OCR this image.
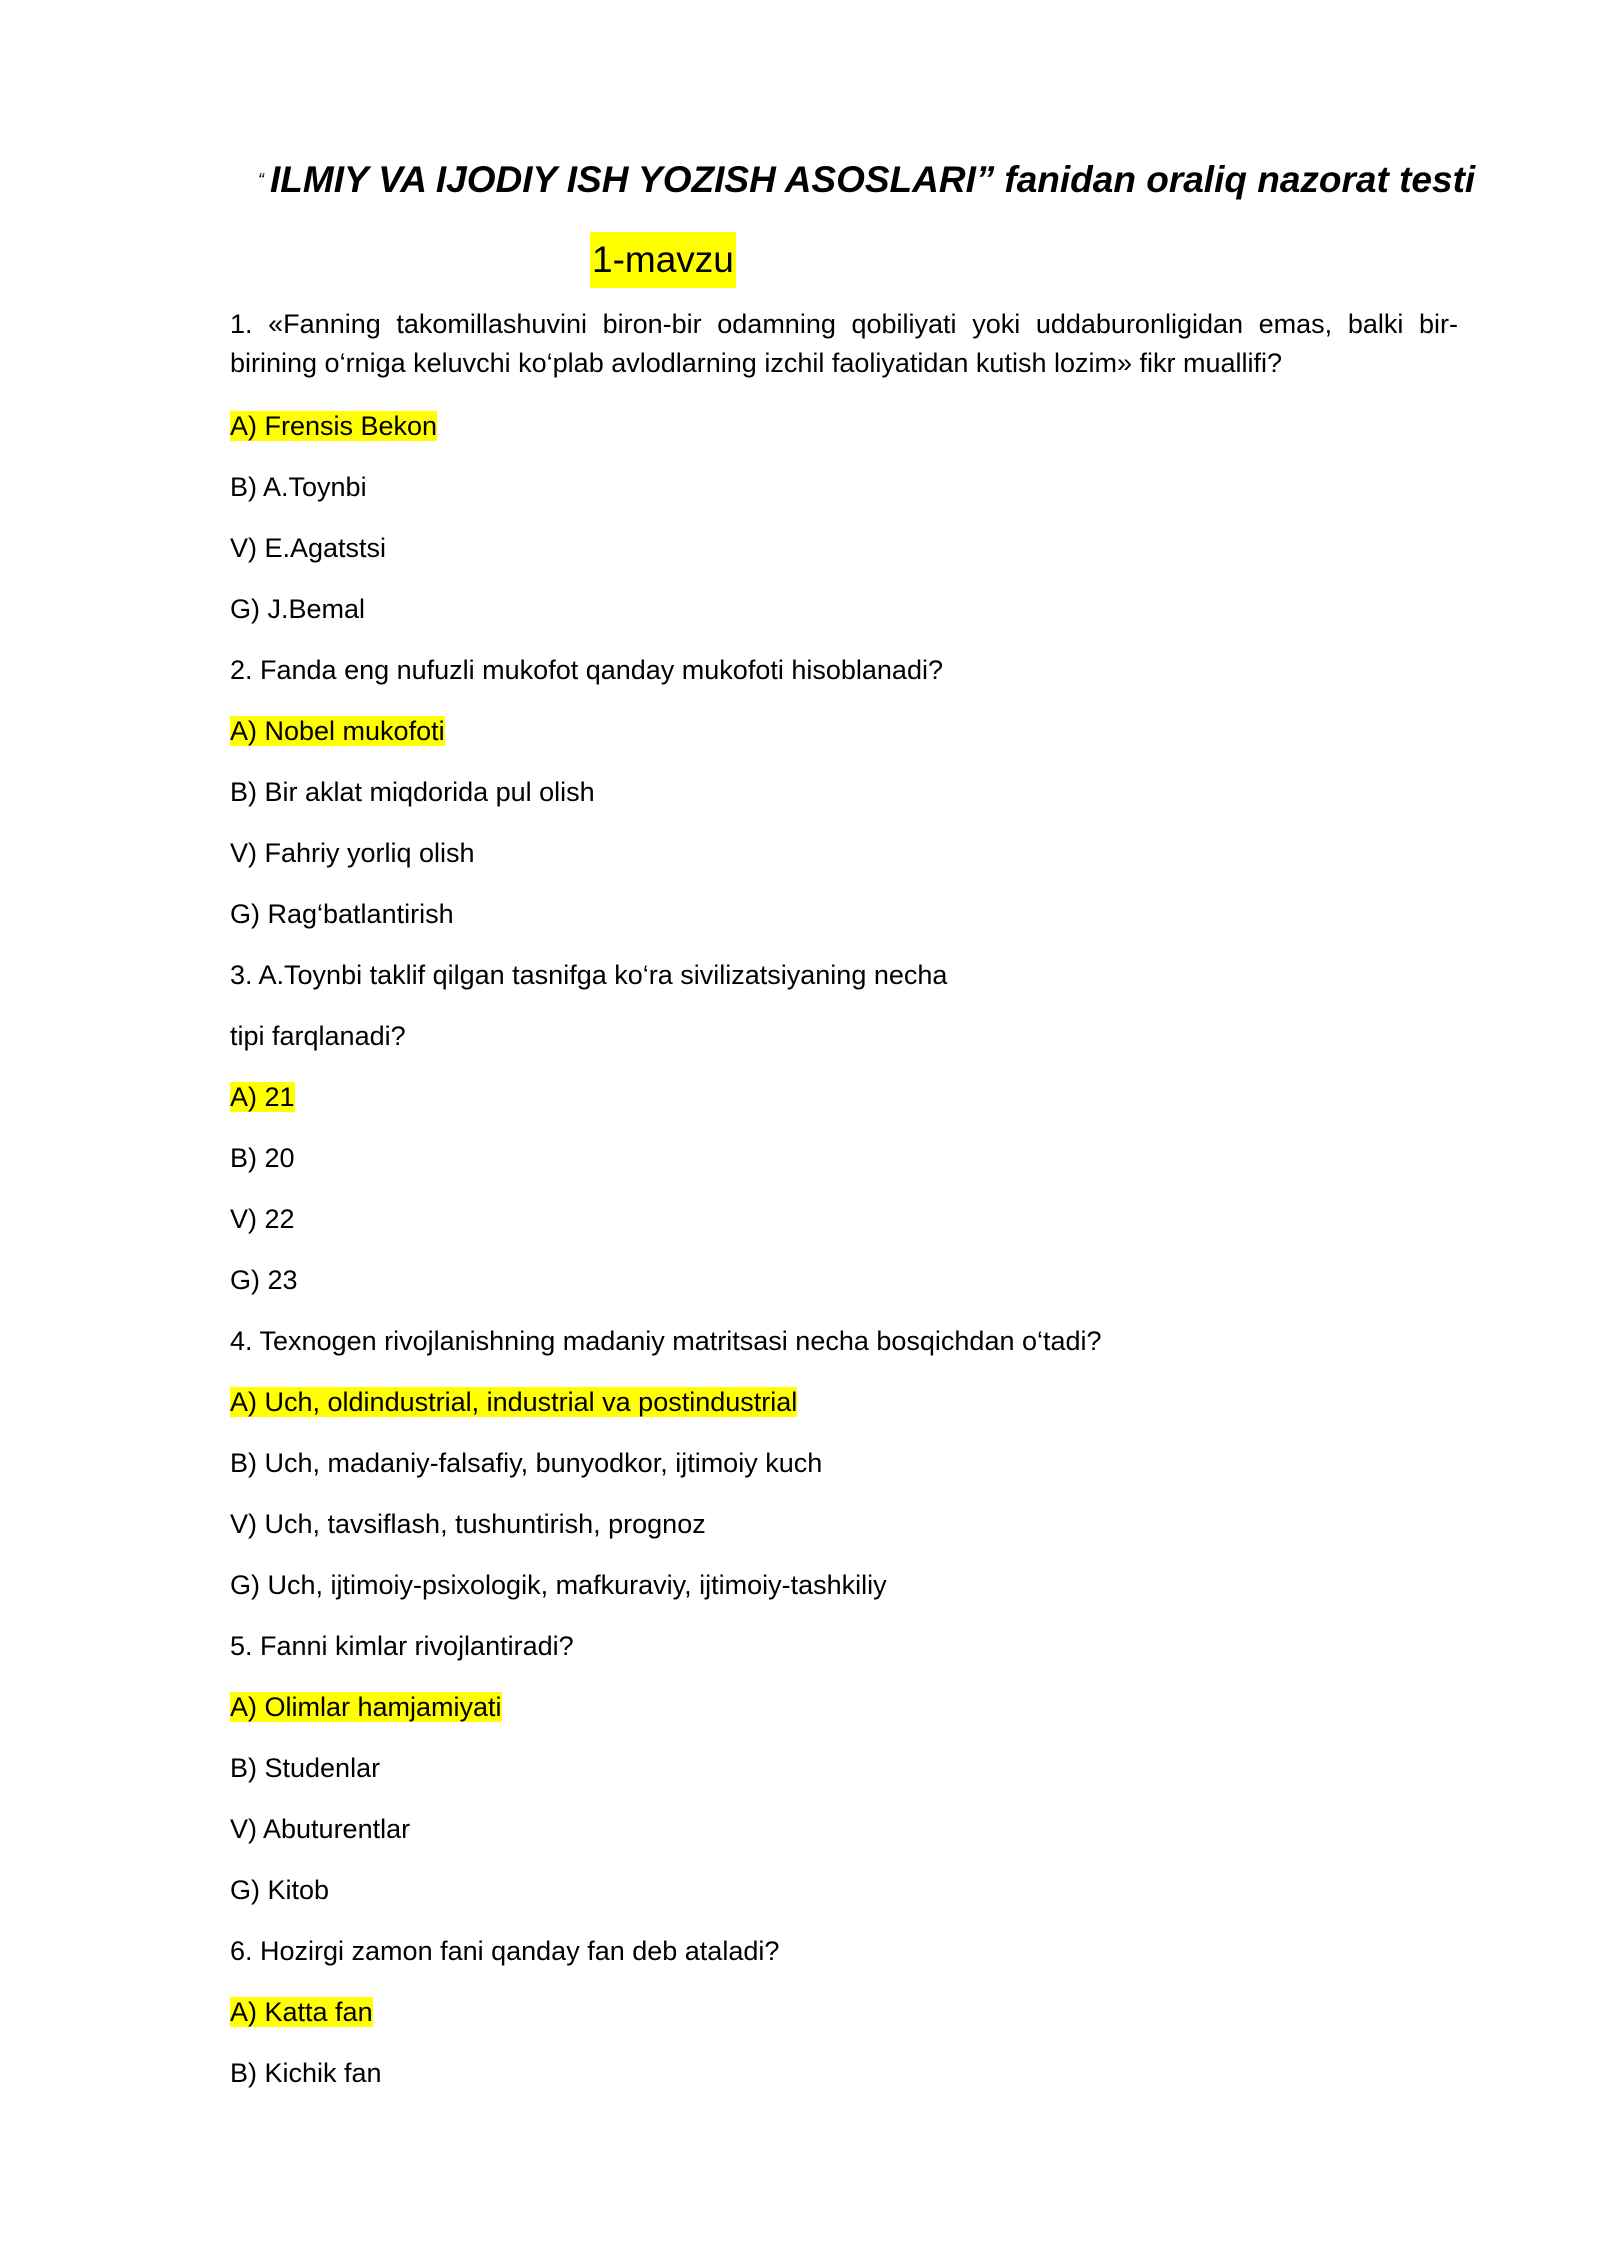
“ ILMIY VA IJODIY ISH YOZISH ASOSLARI” fanidan oraliq nazorat testi
1-mavzu

1. «Fanning takomillashuvini biron-bir odamning qobiliyati yoki uddaburonligidan emas, balki bir-birining o‘rniga keluvchi ko‘plab avlodlarning izchil faoliyatidan kutish lozim» fikr muallifi?

A) Frensis Bekon
B) A.Toynbi
V) E.Agatstsi
G) J.Bemal
2. Fanda eng nufuzli mukofot qanday mukofoti hisoblanadi?
A) Nobel mukofoti
B) Bir aklat miqdorida pul olish
V) Fahriy yorliq olish
G) Rag‘batlantirish
3. A.Toynbi taklif qilgan tasnifga ko‘ra sivilizatsiyaning necha
tipi farqlanadi?
A) 21
B) 20
V) 22
G) 23
4. Texnogen rivojlanishning madaniy matritsasi necha bosqichdan o‘tadi?
A) Uch, oldindustrial, industrial va postindustrial
B) Uch, madaniy-falsafiy, bunyodkor, ijtimoiy kuch
V) Uch, tavsiflash, tushuntirish, prognoz
G) Uch, ijtimoiy-psixologik, mafkuraviy, ijtimoiy-tashkiliy
5. Fanni kimlar rivojlantiradi?
A) Olimlar hamjamiyati
B) Studenlar
V) Abuturentlar
G) Kitob
6. Hozirgi zamon fani qanday fan deb ataladi?
A) Katta fan
B) Kichik fan
